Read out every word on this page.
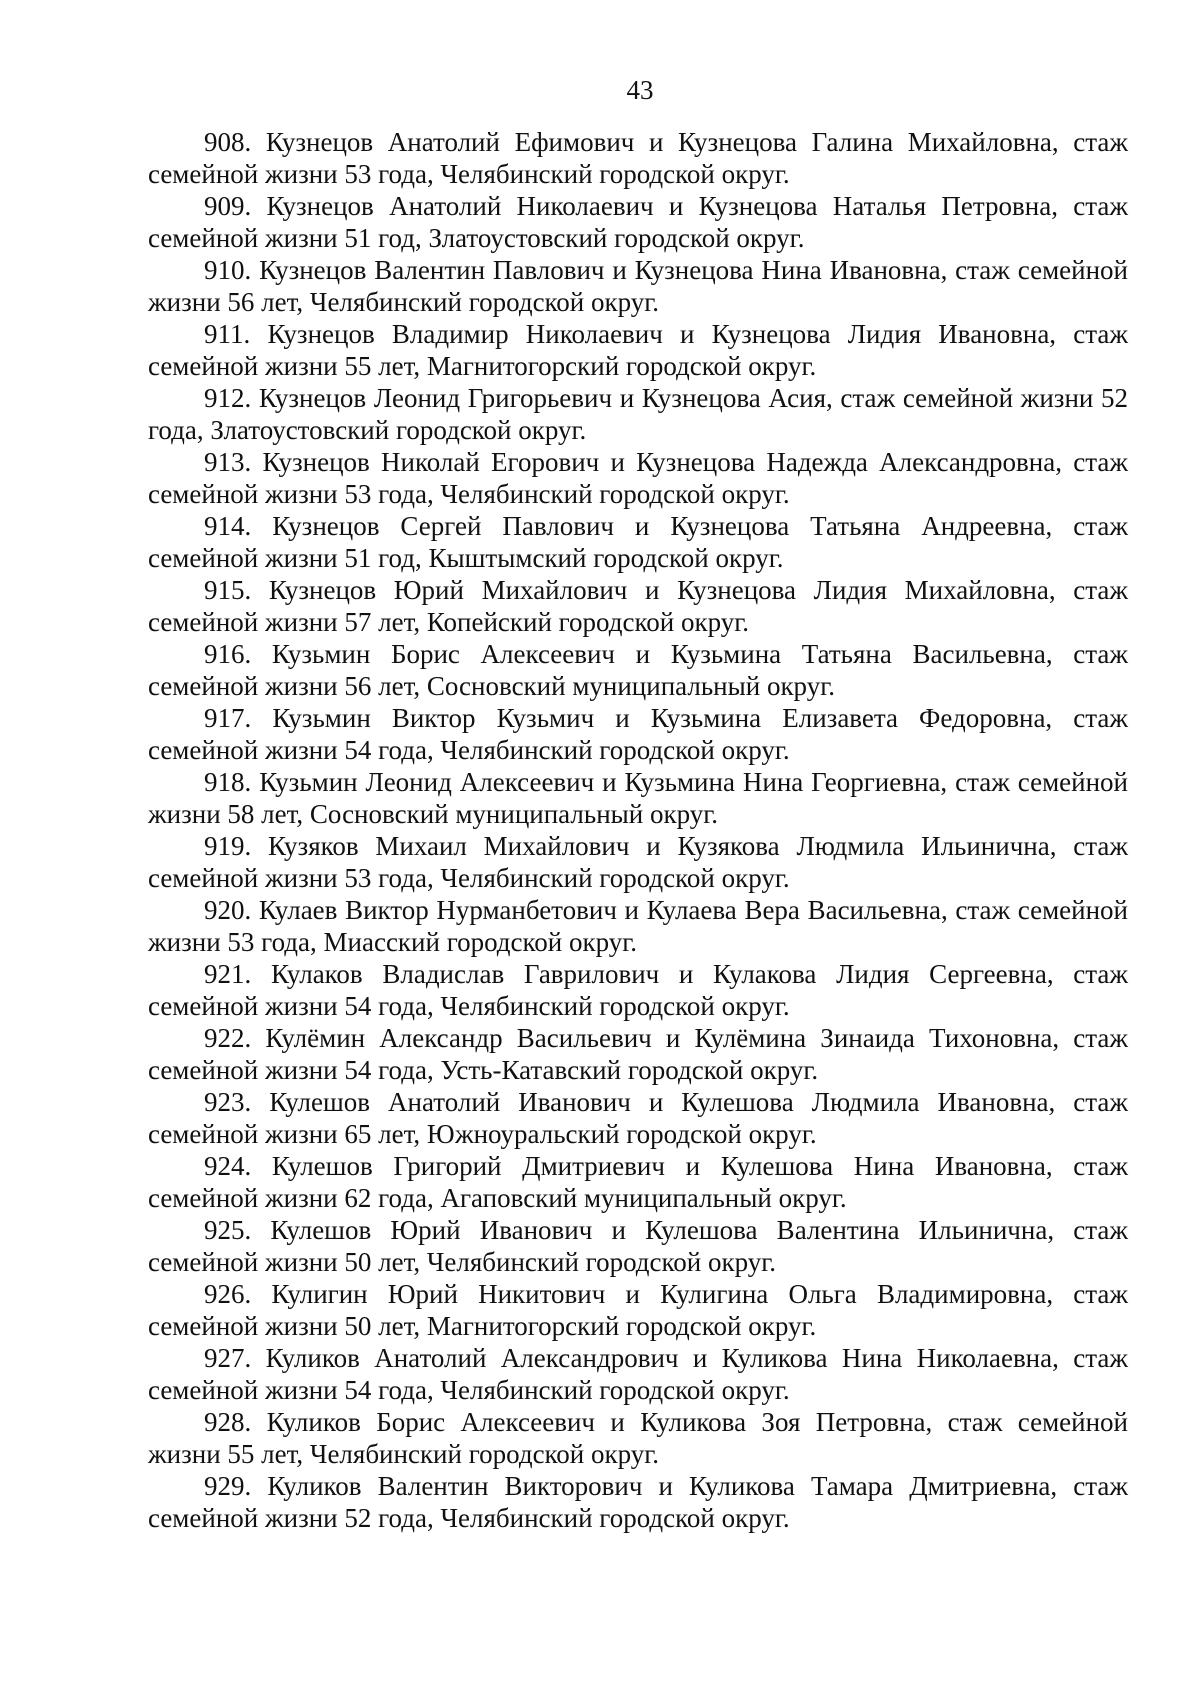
43

908. Кузнецов Анатолий Ефимович и Кузнецова Галина Михайловна, стаж семейной жизни 53 года, Челябинский городской округ.

909. Кузнецов Анатолий Николаевич и Кузнецова Наталья Петровна, стаж семейной жизни 51 год, Златоустовский городской округ.

910. Кузнецов Валентин Павлович и Кузнецова Нина Ивановна, стаж семейной жизни 56 лет, Челябинский городской округ.

911. Кузнецов Владимир Николаевич и Кузнецова Лидия Ивановна, стаж семейной жизни 55 лет, Магнитогорский городской округ.

912. Кузнецов Леонид Григорьевич и Кузнецова Асия, стаж семейной жизни 52 года, Златоустовский городской округ.

913. Кузнецов Николай Егорович и Кузнецова Надежда Александровна, стаж семейной жизни 53 года, Челябинский городской округ.

914. Кузнецов Сергей Павлович и Кузнецова Татьяна Андреевна, стаж семейной жизни 51 год, Кыштымский городской округ.

915. Кузнецов Юрий Михайлович и Кузнецова Лидия Михайловна, стаж семейной жизни 57 лет, Копейский городской округ.

916. Кузьмин Борис Алексеевич и Кузьмина Татьяна Васильевна, стаж семейной жизни 56 лет, Сосновский муниципальный округ.

917. Кузьмин Виктор Кузьмич и Кузьмина Елизавета Федоровна, стаж семейной жизни 54 года, Челябинский городской округ.

918. Кузьмин Леонид Алексеевич и Кузьмина Нина Георгиевна, стаж семейной жизни 58 лет, Сосновский муниципальный округ.

919. Кузяков Михаил Михайлович и Кузякова Людмила Ильинична, стаж семейной жизни 53 года, Челябинский городской округ.

920. Кулаев Виктор Нурманбетович и Кулаева Вера Васильевна, стаж семейной жизни 53 года, Миасский городской округ.

921. Кулаков Владислав Гаврилович и Кулакова Лидия Сергеевна, стаж семейной жизни 54 года, Челябинский городской округ.

922. Кулёмин Александр Васильевич и Кулёмина Зинаида Тихоновна, стаж семейной жизни 54 года, Усть-Катавский городской округ.

923. Кулешов Анатолий Иванович и Кулешова Людмила Ивановна, стаж семейной жизни 65 лет, Южноуральский городской округ.

924. Кулешов Григорий Дмитриевич и Кулешова Нина Ивановна, стаж семейной жизни 62 года, Агаповский муниципальный округ.

925. Кулешов Юрий Иванович и Кулешова Валентина Ильинична, стаж семейной жизни 50 лет, Челябинский городской округ.

926. Кулигин Юрий Никитович и Кулигина Ольга Владимировна, стаж семейной жизни 50 лет, Магнитогорский городской округ.

927. Куликов Анатолий Александрович и Куликова Нина Николаевна, стаж семейной жизни 54 года, Челябинский городской округ.

928. Куликов Борис Алексеевич и Куликова Зоя Петровна, стаж семейной жизни 55 лет, Челябинский городской округ.

929. Куликов Валентин Викторович и Куликова Тамара Дмитриевна, стаж семейной жизни 52 года, Челябинский городской округ.
